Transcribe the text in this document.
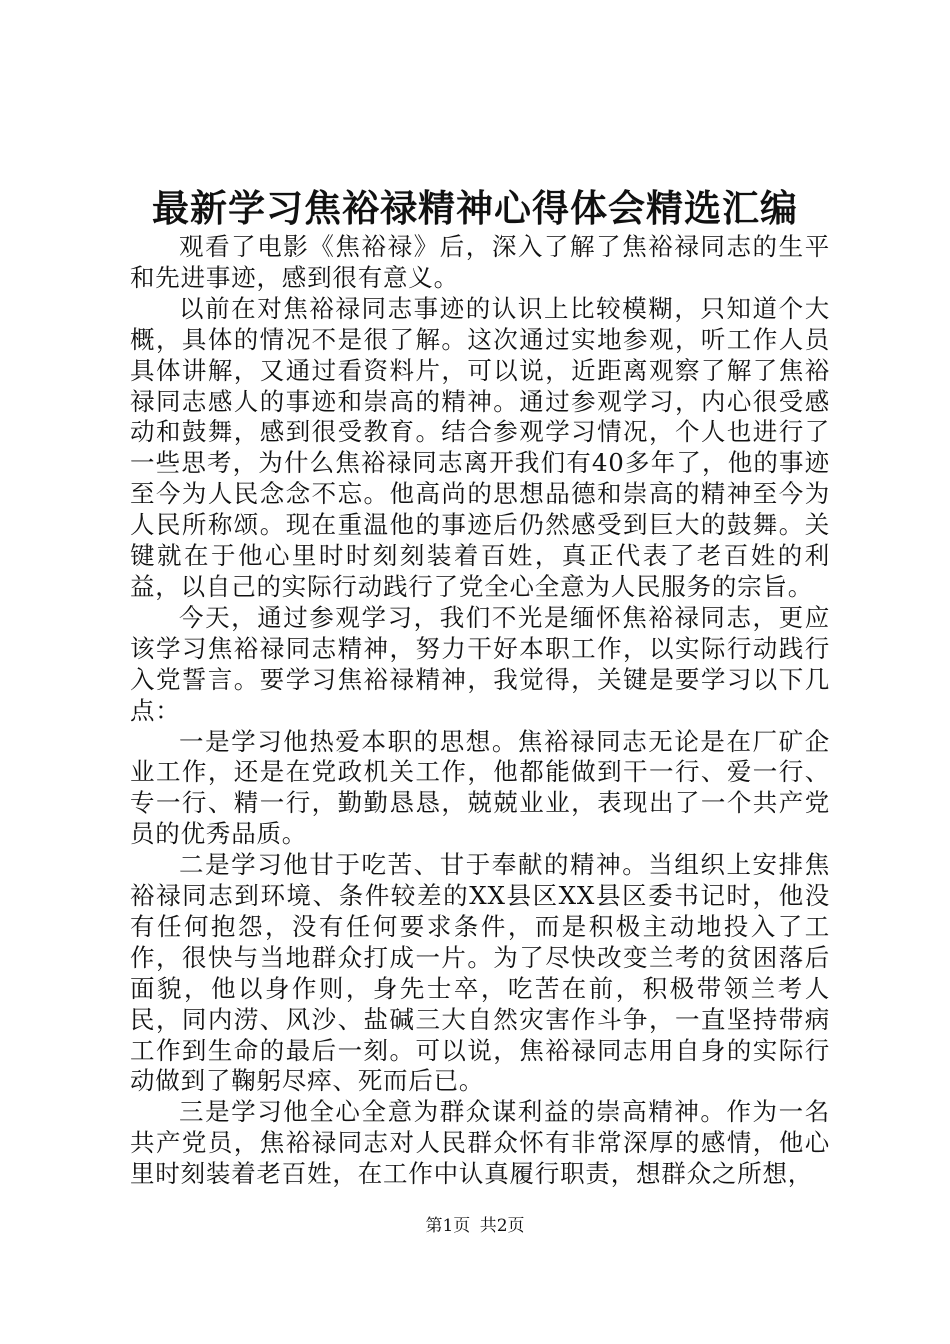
最新学习焦裕禄精神心得体会精选汇编

观看了电影《焦裕禄》后，深入了解了焦裕禄同志的生平和先进事迹，感到很有意义。

以前在对焦裕禄同志事迹的认识上比较模糊，只知道个大概，具体的情况不是很了解。这次通过实地参观，听工作人员具体讲解，又通过看资料片，可以说，近距离观察了解了焦裕禄同志感人的事迹和崇高的精神。通过参观学习，内心很受感动和鼓舞，感到很受教育。结合参观学习情况，个人也进行了一些思考，为什么焦裕禄同志离开我们有40多年了，他的事迹至今为人民念念不忘。他高尚的思想品德和崇高的精神至今为人民所称颂。现在重温他的事迹后仍然感受到巨大的鼓舞。关键就在于他心里时时刻刻装着百姓，真正代表了老百姓的利益，以自己的实际行动践行了党全心全意为人民服务的宗旨。

今天，通过参观学习，我们不光是缅怀焦裕禄同志，更应该学习焦裕禄同志精神，努力干好本职工作，以实际行动践行入党誓言。要学习焦裕禄精神，我觉得，关键是要学习以下几点：

一是学习他热爱本职的思想。焦裕禄同志无论是在厂矿企业工作，还是在党政机关工作，他都能做到干一行、爱一行、专一行、精一行，勤勤恳恳，兢兢业业，表现出了一个共产党员的优秀品质。

二是学习他甘于吃苦、甘于奉献的精神。当组织上安排焦裕禄同志到环境、条件较差的XX县区XX县区委书记时，他没有任何抱怨，没有任何要求条件，而是积极主动地投入了工作，很快与当地群众打成一片。为了尽快改变兰考的贫困落后面貌，他以身作则，身先士卒，吃苦在前，积极带领兰考人民，同内涝、风沙、盐碱三大自然灾害作斗争，一直坚持带病工作到生命的最后一刻。可以说，焦裕禄同志用自身的实际行动做到了鞠躬尽瘁、死而后已。

三是学习他全心全意为群众谋利益的崇高精神。作为一名共产党员，焦裕禄同志对人民群众怀有非常深厚的感情，他心里时刻装着老百姓，在工作中认真履行职责，想群众之所想，

第1页 共2页
